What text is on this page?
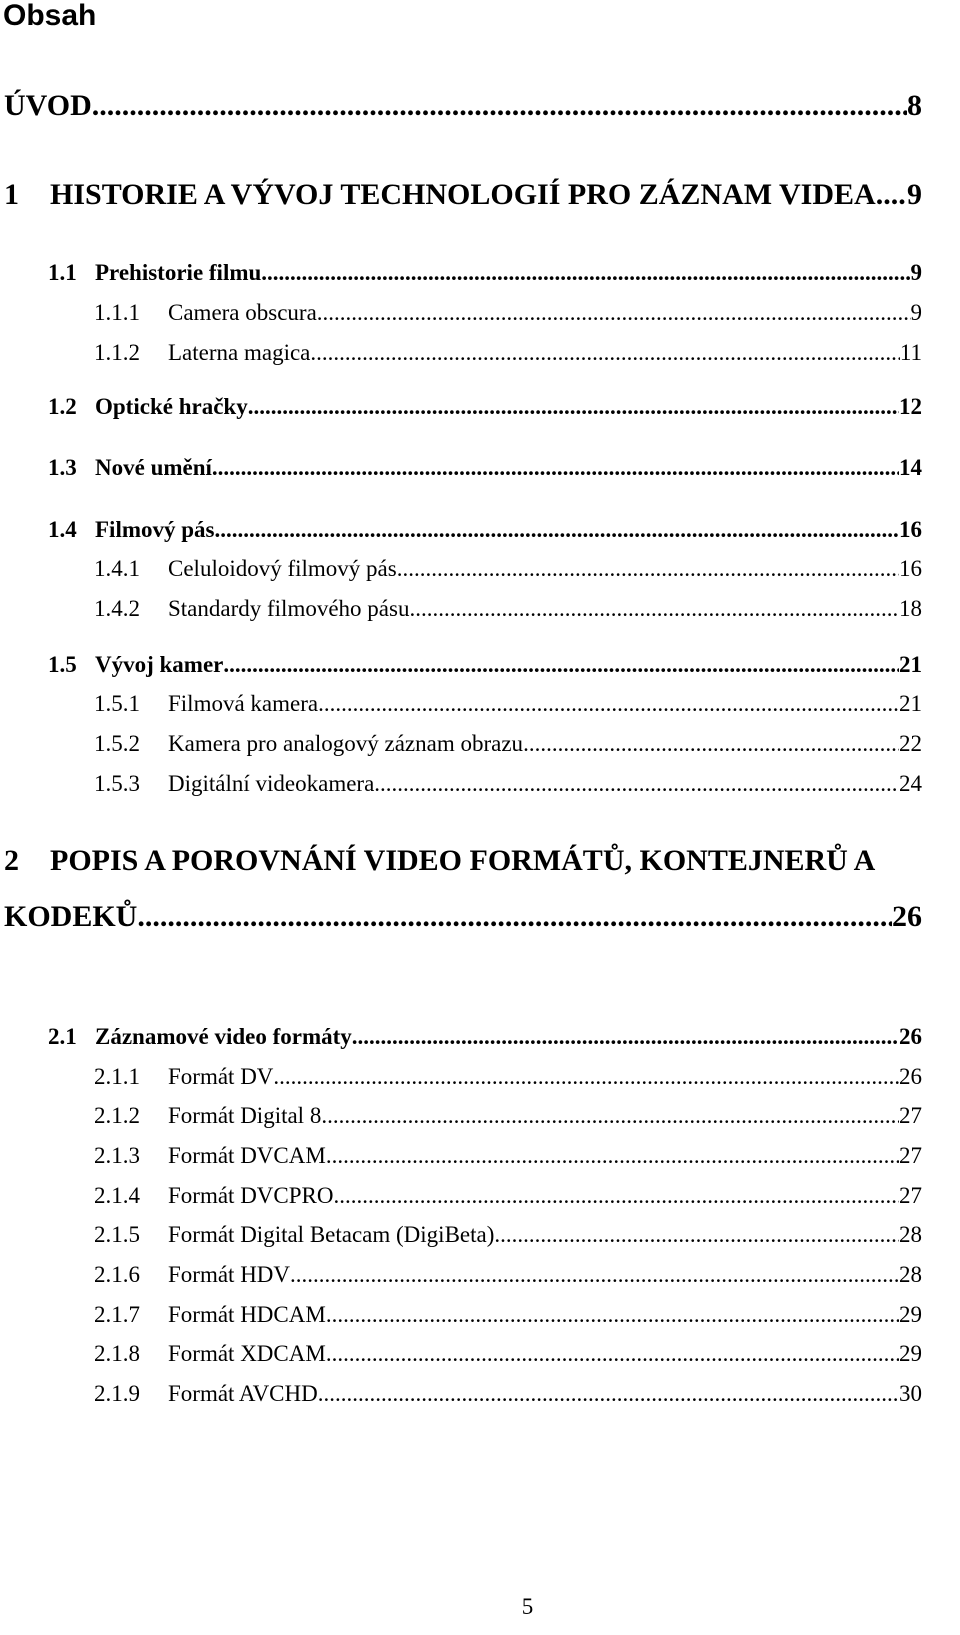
Obsah
ÚVOD .....	8
1	HISTORIE A VÝVOJ TECHNOLOGIÍ PRO ZÁZNAM VIDEA. ..... 9
1.1 Prehistorie filmu .....	9
1.1.1	Camera obscura .....	9
1.1.2	Laterna magica .....	11
1.2 Optické hračky .....	12
1.3 Nové umění .....	14
1.4 Filmový pás .....	16
1.4.1	Celuloidový filmový pás .....	16
1.4.2	Standardy filmového pásu .....	18
1.5 Vývoj kamer .....	21
1.5.1	Filmová kamera .....	21
1.5.2	Kamera pro analogový záznam obrazu .....	22
1.5.3	Digitální videokamera .....	24
2 POPIS A POROVNÁNÍ VIDEO FORMÁTŮ, KONTEJNERŮ A
KODEKŮ .....	26
2.1 Záznamové video formáty .....	26
2.1.1	Formát DV .....	26
2.1.2	Formát Digital 8 .....	27
2.1.3	Formát DVCAM .....	27
2.1.4	Formát DVCPRO .....	27
2.1.5	Formát Digital Betacam (DigiBeta) .....	28
2.1.6	Formát HDV .....	28
2.1.7	Formát HDCAM .....	29
2.1.8	Formát XDCAM .....	29
2.1.9	Formát AVCHD .....	30
5
